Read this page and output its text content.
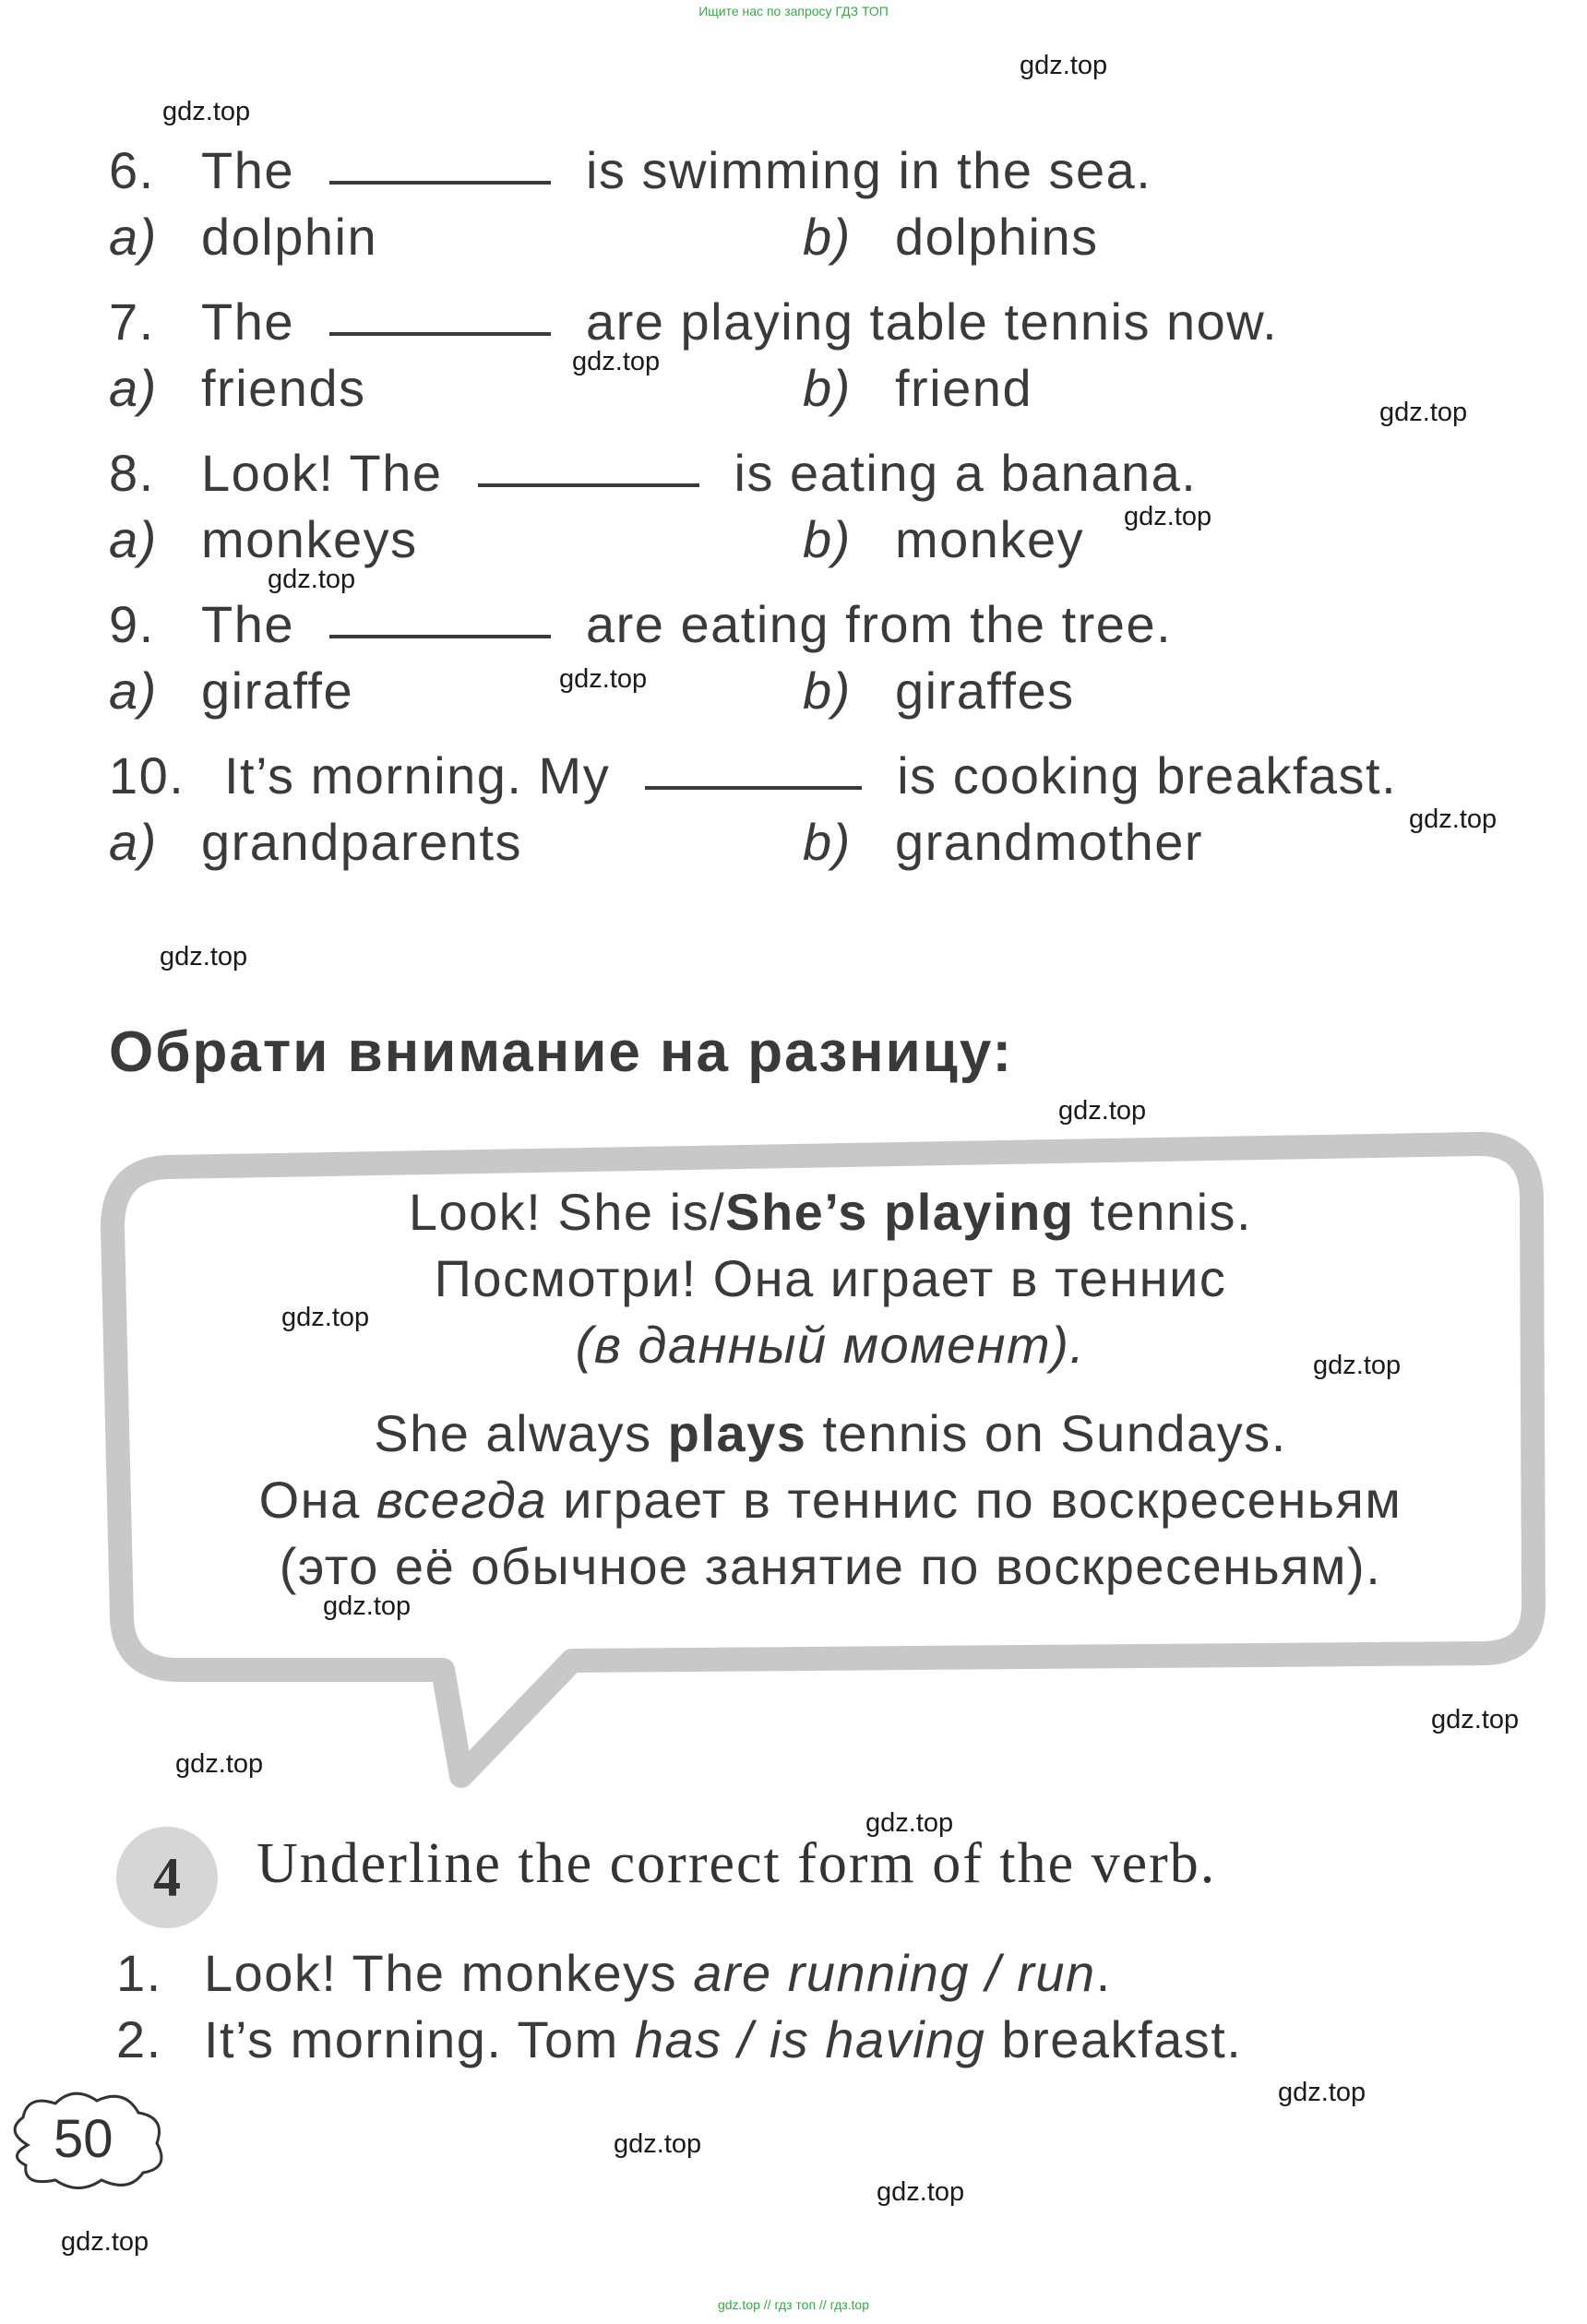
Ищите нас по запросу ГДЗ ТОП
6. The	is swimming in the sea.
a) dolphin	b) dolphins
7. The	are playing table tennis now.
a) friends	b) friend
8. Look! The	is eating a banana.
a) monkeys	b) monkey
9. The	are eating from the tree.
a) giraffe	b) giraffes
10. It’s morning. My	is cooking breakfast.
a) grandparents	b) grandmother
Обрати внимание на разницу:
Look! She is/She’s playing tennis.
Посмотри! Она играет в теннис
(в данный момент).
She always plays tennis on Sundays.
Она всегда играет в теннис по воскресеньям
(это её обычное занятие по воскресеньям).
4	Underline the correct form of the verb.
1. Look! The monkeys are running / run.
2. It’s morning. Tom has / is having breakfast.
50
gdz.top
gdz.top
gdz.top
gdz.top
gdz.top
gdz.top
gdz.top
gdz.top
gdz.top
gdz.top
gdz.top
gdz.top
gdz.top
gdz.top
gdz.top
gdz.top
gdz.top
gdz.top
gdz.top
gdz.top
gdz.top // гдз топ // гдз.top
